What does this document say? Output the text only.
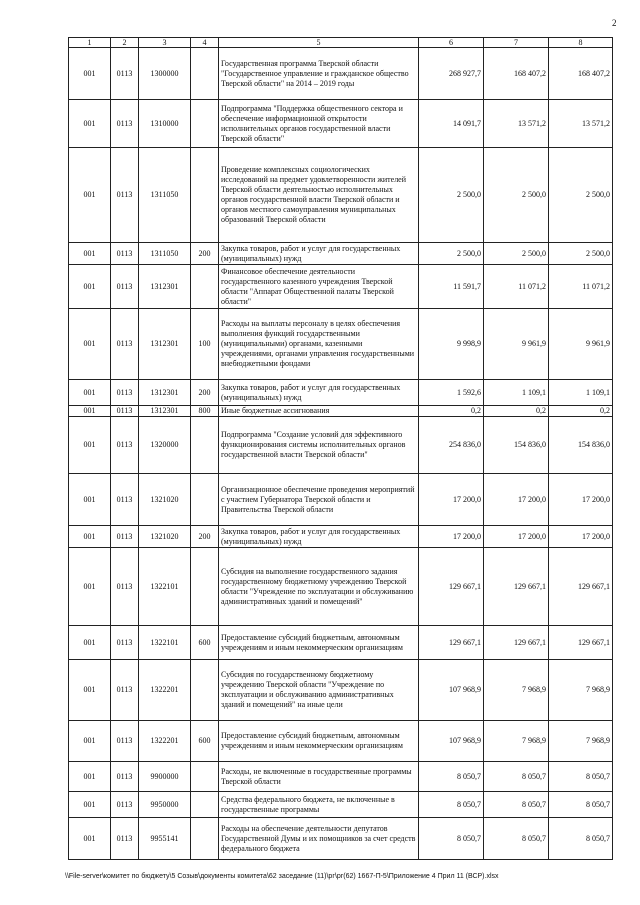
2
1	2	3	4	5	6	7	8
001	0113	1300000		Государственная программа Тверской области "Государственное управление и гражданское общество Тверской области" на 2014 – 2019 годы	268 927,7	168 407,2	168 407,2
001	0113	1310000		Подпрограмма "Поддержка общественного сектора и обеспечение информационной открытости исполнительных органов государственной власти Тверской области"	14 091,7	13 571,2	13 571,2
001	0113	1311050		Проведение комплексных социологических исследований на предмет удовлетворенности жителей Тверской области деятельностью исполнительных органов государственной власти Тверской области и органов местного самоуправления муниципальных образований Тверской области	2 500,0	2 500,0	2 500,0
001	0113	1311050	200	Закупка товаров, работ и услуг для государственных (муниципальных) нужд	2 500,0	2 500,0	2 500,0
001	0113	1312301		Финансовое обеспечение деятельности государственного казенного учреждения Тверской области "Аппарат Общественной палаты Тверской области"	11 591,7	11 071,2	11 071,2
001	0113	1312301	100	Расходы на выплаты персоналу в целях обеспечения выполнения функций государственными (муниципальными) органами, казенными учреждениями, органами управления государственными внебюджетными фондами	9 998,9	9 961,9	9 961,9
001	0113	1312301	200	Закупка товаров, работ и услуг для государственных (муниципальных) нужд	1 592,6	1 109,1	1 109,1
001	0113	1312301	800	Иные бюджетные ассигнования	0,2	0,2	0,2
001	0113	1320000		Подпрограмма "Создание условий для эффективного функционирования системы исполнительных органов государственной власти Тверской области"	254 836,0	154 836,0	154 836,0
001	0113	1321020		Организационное обеспечение проведения мероприятий с участием Губернатора Тверской области и Правительства Тверской области	17 200,0	17 200,0	17 200,0
001	0113	1321020	200	Закупка товаров, работ и услуг для государственных (муниципальных) нужд	17 200,0	17 200,0	17 200,0
001	0113	1322101		Субсидия на выполнение государственного задания государственному бюджетному учреждению Тверской области "Учреждение по эксплуатации и обслуживанию административных зданий и помещений"	129 667,1	129 667,1	129 667,1
001	0113	1322101	600	Предоставление субсидий бюджетным, автономным учреждениям и иным некоммерческим организациям	129 667,1	129 667,1	129 667,1
001	0113	1322201		Субсидия по государственному бюджетному учреждению Тверской области "Учреждение по эксплуатации и обслуживанию административных зданий и помещений" на иные цели	107 968,9	7 968,9	7 968,9
001	0113	1322201	600	Предоставление субсидий бюджетным, автономным учреждениям и иным некоммерческим организациям	107 968,9	7 968,9	7 968,9
001	0113	9900000		Расходы, не включенные в государственные программы Тверской области	8 050,7	8 050,7	8 050,7
001	0113	9950000		Средства федерального бюджета, не включенные в государственные программы	8 050,7	8 050,7	8 050,7
001	0113	9955141		Расходы на обеспечение деятельности депутатов Государственной Думы и их помощников за счет средств федерального бюджета	8 050,7	8 050,7	8 050,7
\\File-server\комитет по бюджету\5 Созыв\документы комитета\62 заседание (11)\рг\рг(62) 1667-П-5\Приложение 4 Прил 11 (ВСР).xlsx
